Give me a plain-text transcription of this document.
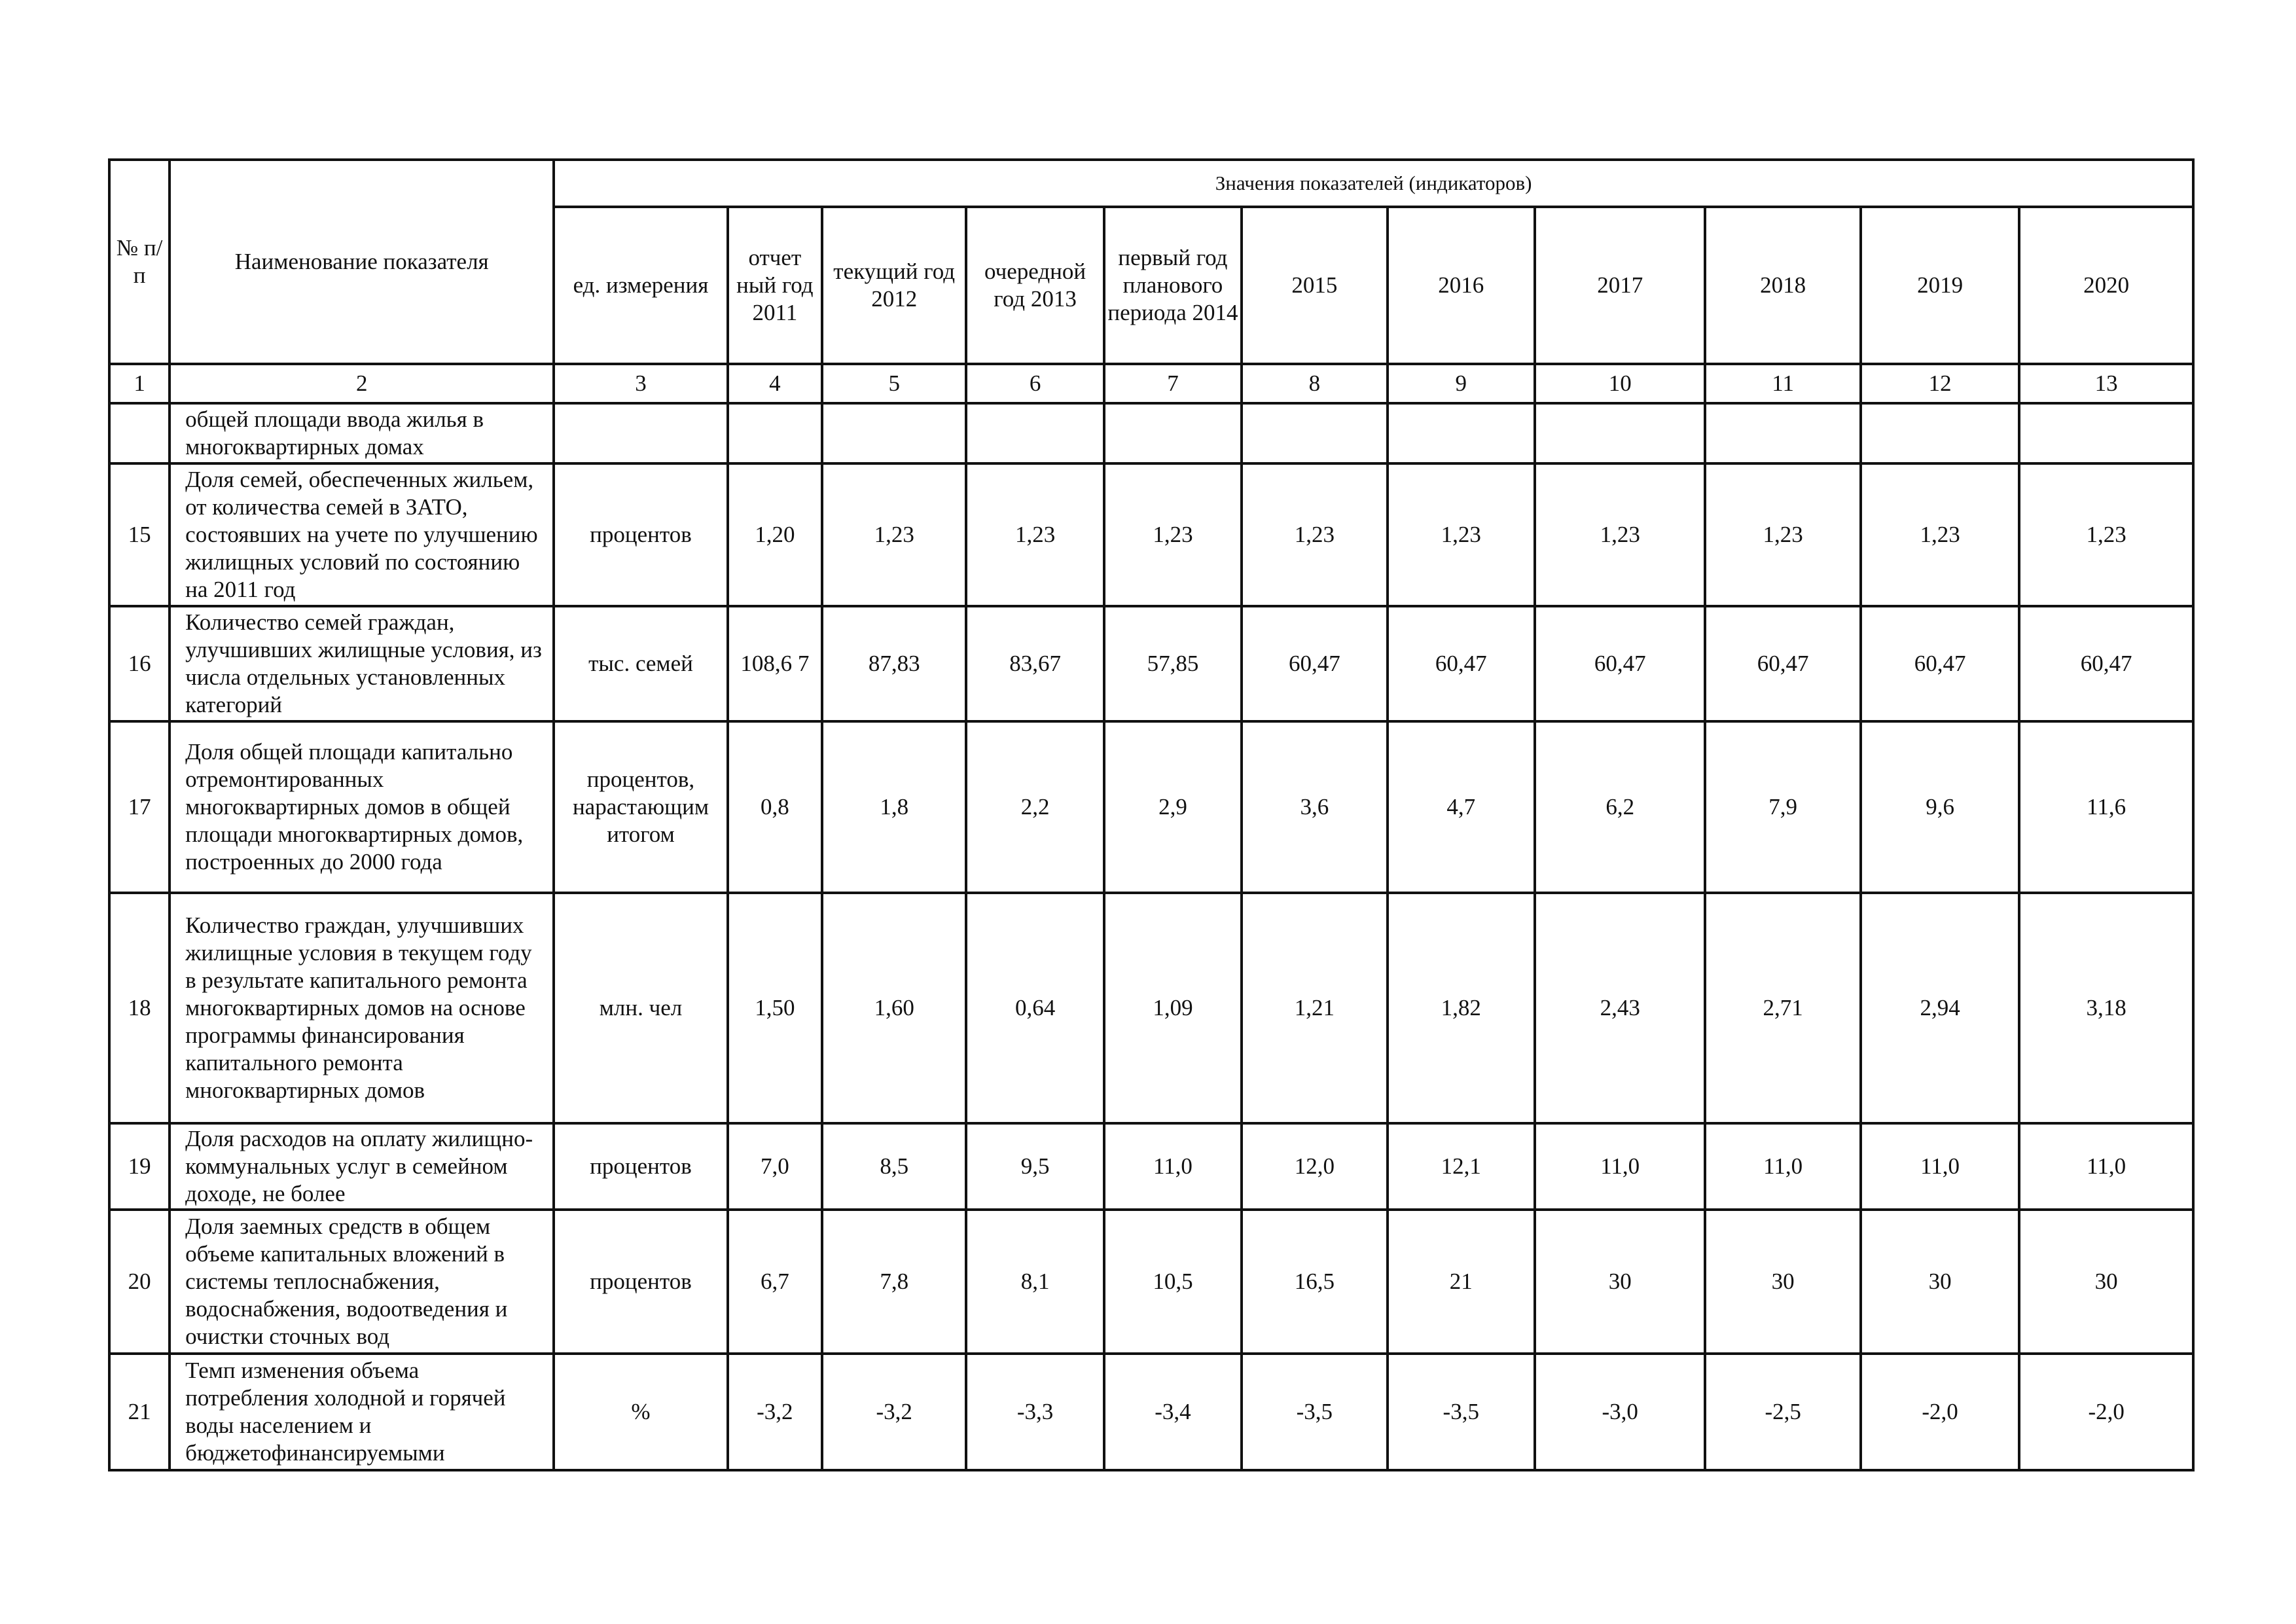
№ п/ п	Наименование показателя	Значения показателей (индикаторов)										
		ед. измерения	отчет ный год 2011	текущий год 2012	очередной год 2013	первый год планового периода 2014	2015	2016	2017	2018	2019	2020
1	2	3	4	5	6	7	8	9	10	11	12	13
	общей площади ввода жилья в многоквартирных домах											
15	Доля семей, обеспеченных жильем, от количества семей в ЗАТО, состоявших на учете по улучшению жилищных условий по состоянию на 2011 год	процентов	1,20	1,23	1,23	1,23	1,23	1,23	1,23	1,23	1,23	1,23
16	Количество семей граждан, улучшивших жилищные условия, из числа отдельных установленных категорий	тыс. семей	108,6 7	87,83	83,67	57,85	60,47	60,47	60,47	60,47	60,47	60,47
17	Доля общей площади капитально отремонтированных многоквартирных домов в общей площади многоквартирных домов, построенных до 2000 года	процентов, нарастающим итогом	0,8	1,8	2,2	2,9	3,6	4,7	6,2	7,9	9,6	11,6
18	Количество граждан, улучшивших жилищные условия в текущем году в результате капитального ремонта многоквартирных домов на основе программы финансирования капитального ремонта многоквартирных домов	млн. чел	1,50	1,60	0,64	1,09	1,21	1,82	2,43	2,71	2,94	3,18
19	Доля расходов на оплату жилищно-коммунальных услуг в семейном доходе, не более	процентов	7,0	8,5	9,5	11,0	12,0	12,1	11,0	11,0	11,0	11,0
20	Доля заемных средств в общем объеме капитальных вложений в системы теплоснабжения, водоснабжения, водоотведения и очистки сточных вод	процентов	6,7	7,8	8,1	10,5	16,5	21	30	30	30	30
21	Темп изменения объема потребления холодной и горячей воды населением и бюджетофинансируемыми	%	-3,2	-3,2	-3,3	-3,4	-3,5	-3,5	-3,0	-2,5	-2,0	-2,0
